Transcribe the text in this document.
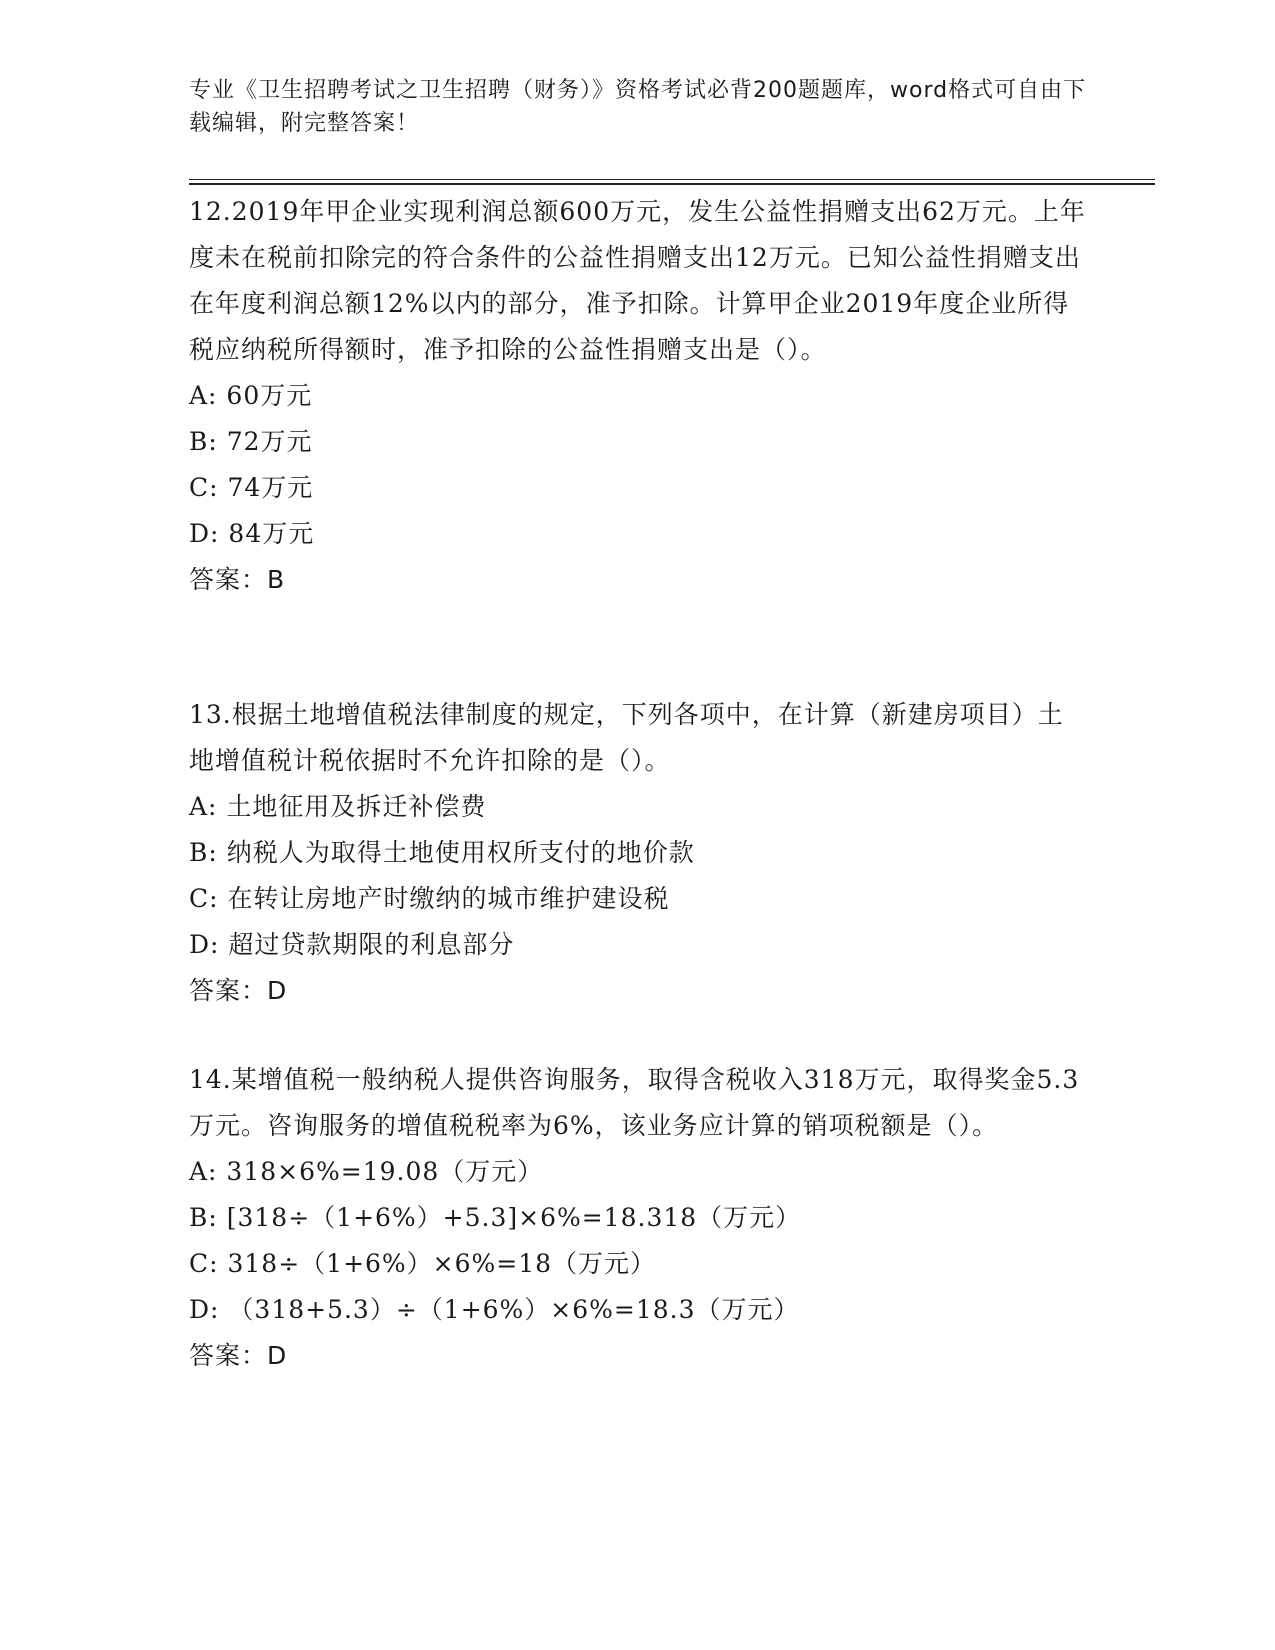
专业《卫生招聘考试之卫生招聘（财务）》资格考试必背200题题库，word格式可自由下载编辑，附完整答案！

12.2019年甲企业实现利润总额600万元，发生公益性捐赠支出62万元。上年度未在税前扣除完的符合条件的公益性捐赠支出12万元。已知公益性捐赠支出在年度利润总额12%以内的部分，准予扣除。计算甲企业2019年度企业所得税应纳税所得额时，准予扣除的公益性捐赠支出是（）。

A: 60万元

B: 72万元

C: 74万元

D: 84万元

答案：B

13.根据土地增值税法律制度的规定，下列各项中，在计算（新建房项目）土地增值税计税依据时不允许扣除的是（）。

A: 土地征用及拆迁补偿费

B: 纳税人为取得土地使用权所支付的地价款

C: 在转让房地产时缴纳的城市维护建设税

D: 超过贷款期限的利息部分

答案：D

14.某增值税一般纳税人提供咨询服务，取得含税收入318万元，取得奖金5.3万元。咨询服务的增值税税率为6%，该业务应计算的销项税额是（）。

A: 318×6%=19.08（万元）

B: [318÷（1+6%）+5.3]×6%=18.318（万元）

C: 318÷（1+6%）×6%=18（万元）

D: （318+5.3）÷（1+6%）×6%=18.3（万元）

答案：D
